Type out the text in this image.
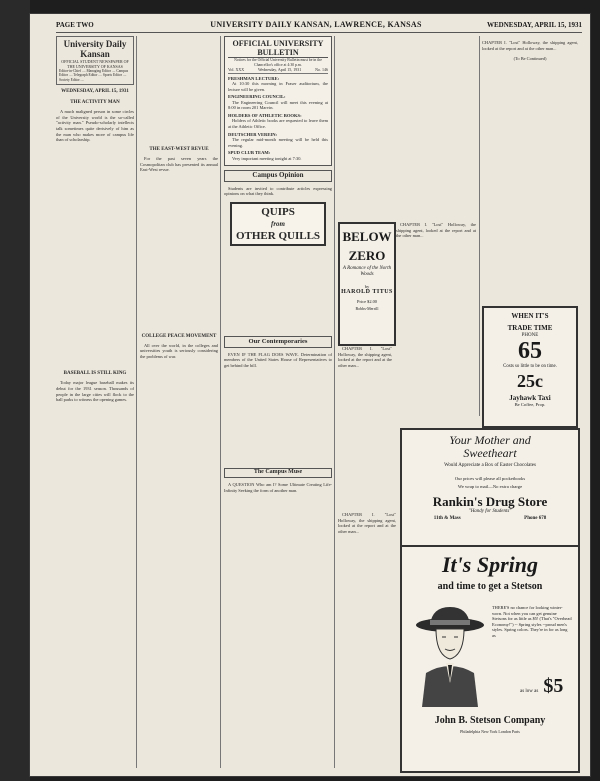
PAGE TWO	UNIVERSITY DAILY KANSAN, LAWRENCE, KANSAS	WEDNESDAY, APRIL 15, 1931
University Daily Kansan
OFFICIAL STUDENT NEWSPAPER OF THE UNIVERSITY OF KANSAS
Editor-in-Chief .... Managing Editor .... Campus Editor .... Telegraph Editor .... Sports Editor .... Society Editor ....
WEDNESDAY, APRIL 15, 1931
THE ACTIVITY MAN

A much maligned person in some circles of the University world is the so-called "activity man." Pseudo-scholarly intellects talk sometimes quite derisively of him as the man who makes more of campus life than of scholarship.

BASEBALL IS STILL KING

Today major league baseball makes its debut for the 1931 season. Thousands of people in the large cities will flock to the ball parks to witness the opening games.

THE EAST-WEST REVUE

For the past seven years the Cosmopolitan club has presented its annual East-West revue.

COLLEGE PEACE MOVEMENT

All over the world, in the colleges and universities youth is seriously considering the problems of war.

OFFICIAL UNIVERSITY BULLETIN
Notices for the Official University Bulletin must be in the Chancellor's office at 4:30 p.m.
Vol. XXX	Wednesday, April 15, 1931	No. 146
FRESHMAN LECTURE:

At 10:30 this morning in Fraser auditorium, the lecture will be given.

ENGINEERING COUNCIL:

The Engineering Council will meet this evening at 8:00 in room 201 Marvin.

HOLDERS OF ATHLETIC BOOKS:

Holders of Athletic books are requested to leave them at the Athletic Office.

DEUTSCHER VEREIN:

The regular mid-month meeting will be held this evening.

SPUD CLUB TEAM:

Very important meeting tonight at 7:30.

Campus Opinion

Students are invited to contribute articles expressing opinions on what they think.

QUIPS
from
OTHER QUILLS
Our Contemporaries

EVEN IF THE FLAG DOES WAVE. Determination of members of the United States House of Representatives to get behind the bill.

The Campus Muse

A QUESTION Who am I? Some Ultimate Creating Life-Infinity Seeking the form of another man.

CHAPTER I. "Lost" Holloway, the shipping agent, looked at the report and at the other man...

CHAPTER I. "Lost" Holloway, the shipping agent, looked at the report and at the other man...

CHAPTER I. "Lost" Holloway, the shipping agent, looked at the report and at the other man...

CHAPTER I. "Lost" Holloway, the shipping agent, looked at the report and at the other man...

(To Be Continued)

BELOW
ZERO
A Romance of the North Woods
by
HAROLD TITUS
Price $2.00
Bobbs-Merrill
WHEN IT'S
TRADE TIME
PHONE
65
Costs so little to be on time.
25c
Jayhawk Taxi
Be Coffee, Prop.
Your Mother and
Sweetheart
Would Appreciate a Box of Easter Chocolates
Our prices will please all pocketbooks
We wrap to mail—No extra charge
Rankin's Drug Store
"Handy for Students"
11th & Mass	Phone 678
It's Spring
and time to get a Stetson
THERE'S no chance for looking winter-worn. Not when you can get genuine Stetsons for as little as $5! (That's "Overhead Economy!") -- Spring styles --proud men's styles. Spring colors. They're in for as long as
as low as $5
John B. Stetson Company
Philadelphia New York London Paris
